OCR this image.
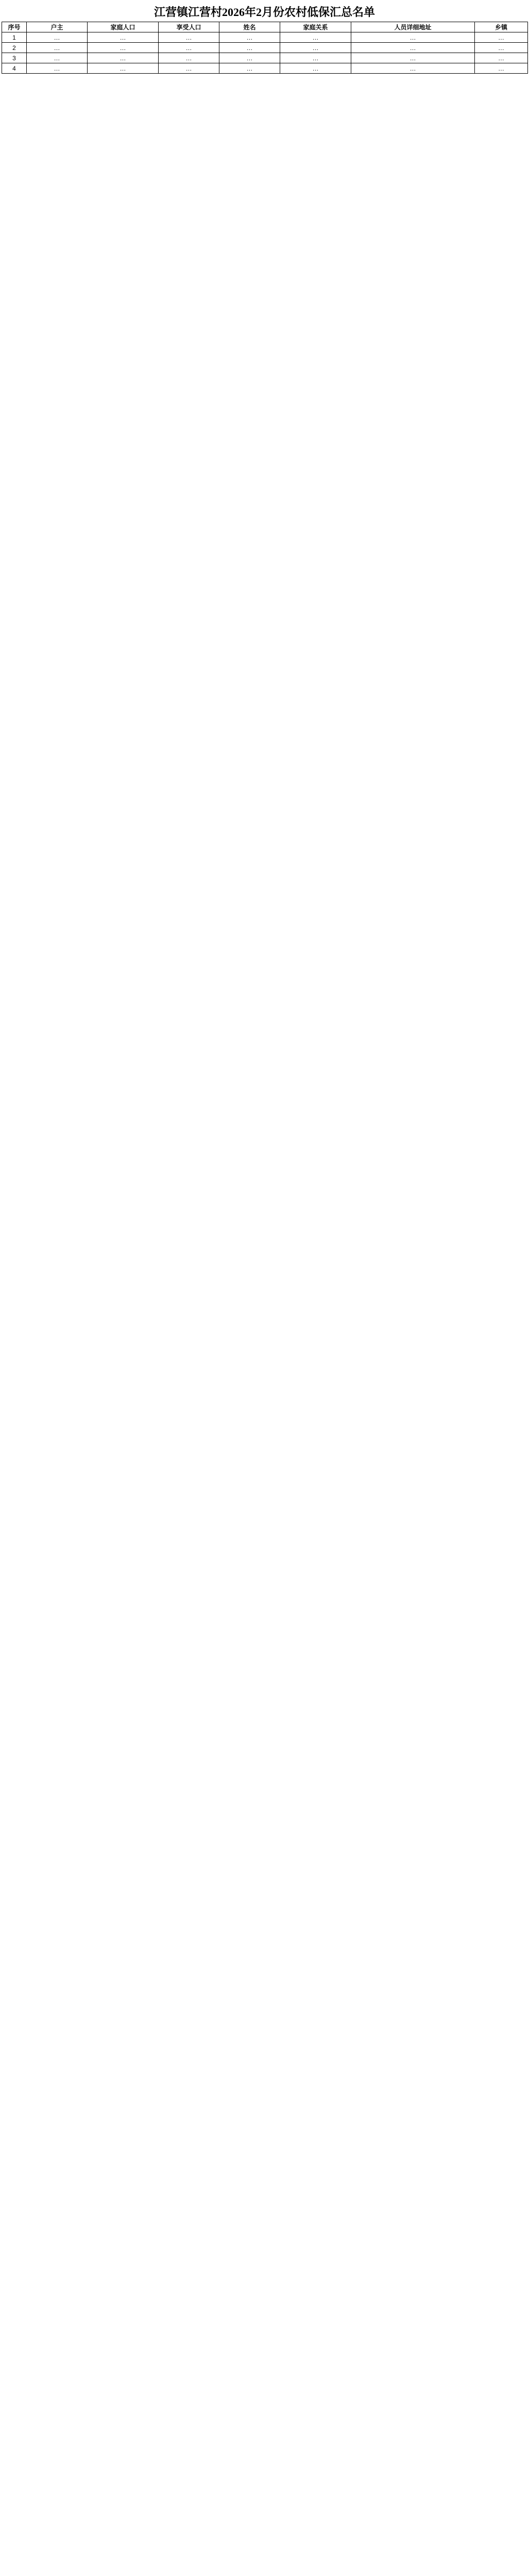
江营镇江营村2026年2月份农村低保汇总名单
序号	户主	家庭人口	享受人口	姓名	家庭关系	人员详细地址	乡镇
1	…	…	…	…	…	…	…
2	…	…	…	…	…	…	…
3	…	…	…	…	…	…	…
4	…	…	…	…	…	…	…
